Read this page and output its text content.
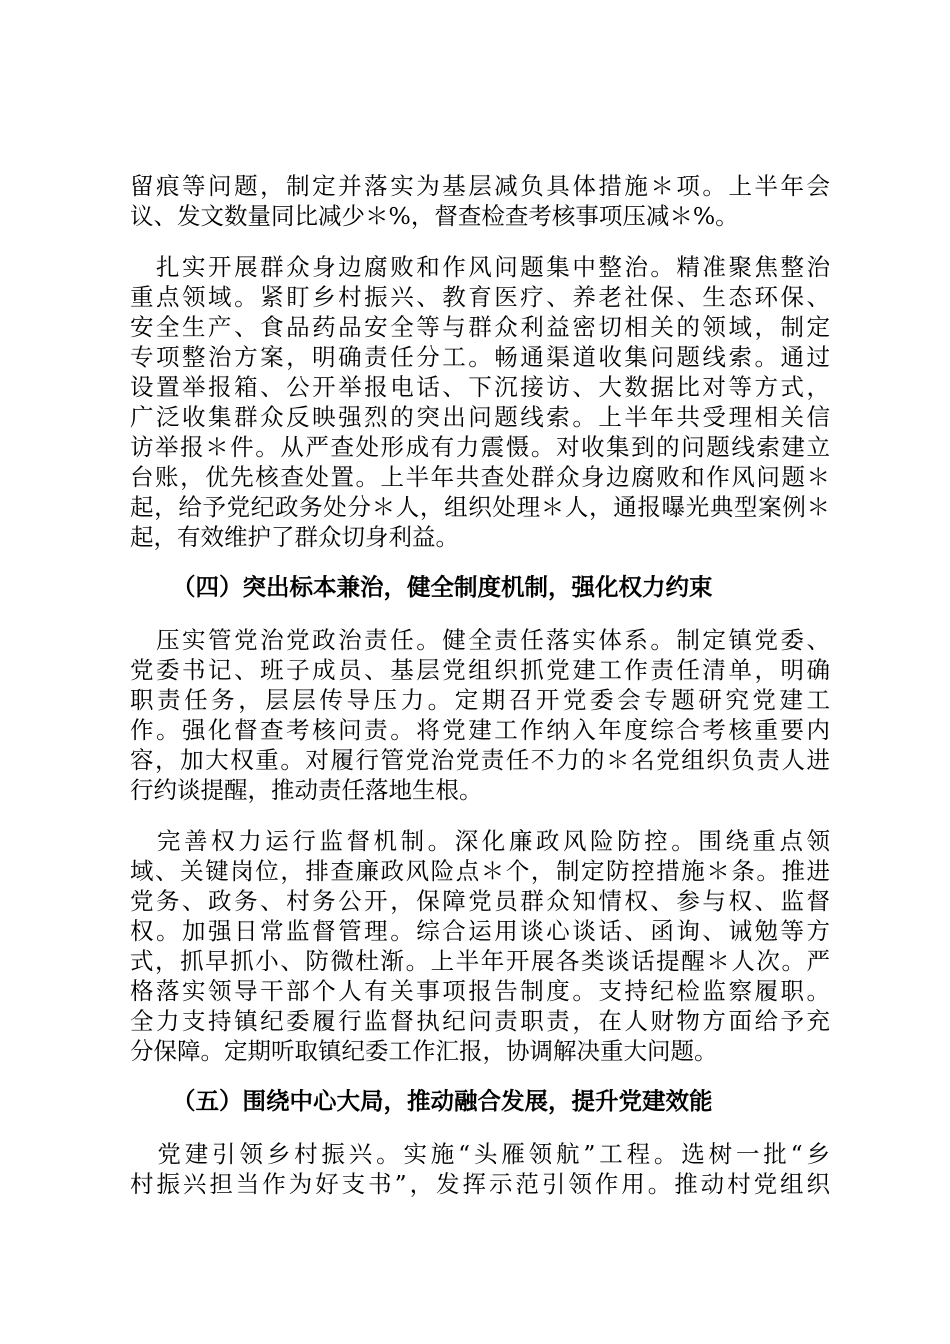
留痕等问题，制定并落实为基层减负具体措施＊项。上半年会
议、发文数量同比减少＊%，督查检查考核事项压减＊%。
　扎实开展群众身边腐败和作风问题集中整治。精准聚焦整治
重点领域。紧盯乡村振兴、教育医疗、养老社保、生态环保、
安全生产、食品药品安全等与群众利益密切相关的领域，制定
专项整治方案，明确责任分工。畅通渠道收集问题线索。通过
设置举报箱、公开举报电话、下沉接访、大数据比对等方式，
广泛收集群众反映强烈的突出问题线索。上半年共受理相关信
访举报＊件。从严查处形成有力震慑。对收集到的问题线索建立
台账，优先核查处置。上半年共查处群众身边腐败和作风问题＊
起，给予党纪政务处分＊人，组织处理＊人，通报曝光典型案例＊
起，有效维护了群众切身利益。
（四）突出标本兼治，健全制度机制，强化权力约束
　压实管党治党政治责任。健全责任落实体系。制定镇党委、
党委书记、班子成员、基层党组织抓党建工作责任清单，明确
职责任务，层层传导压力。定期召开党委会专题研究党建工
作。强化督查考核问责。将党建工作纳入年度综合考核重要内
容，加大权重。对履行管党治党责任不力的＊名党组织负责人进
行约谈提醒，推动责任落地生根。
　完善权力运行监督机制。深化廉政风险防控。围绕重点领
域、关键岗位，排查廉政风险点＊个，制定防控措施＊条。推进
党务、政务、村务公开，保障党员群众知情权、参与权、监督
权。加强日常监督管理。综合运用谈心谈话、函询、诫勉等方
式，抓早抓小、防微杜渐。上半年开展各类谈话提醒＊人次。严
格落实领导干部个人有关事项报告制度。支持纪检监察履职。
全力支持镇纪委履行监督执纪问责职责，在人财物方面给予充
分保障。定期听取镇纪委工作汇报，协调解决重大问题。
（五）围绕中心大局，推动融合发展，提升党建效能
　党建引领乡村振兴。实施“头雁领航”工程。选树一批“乡
村振兴担当作为好支书”，发挥示范引领作用。推动村党组织
